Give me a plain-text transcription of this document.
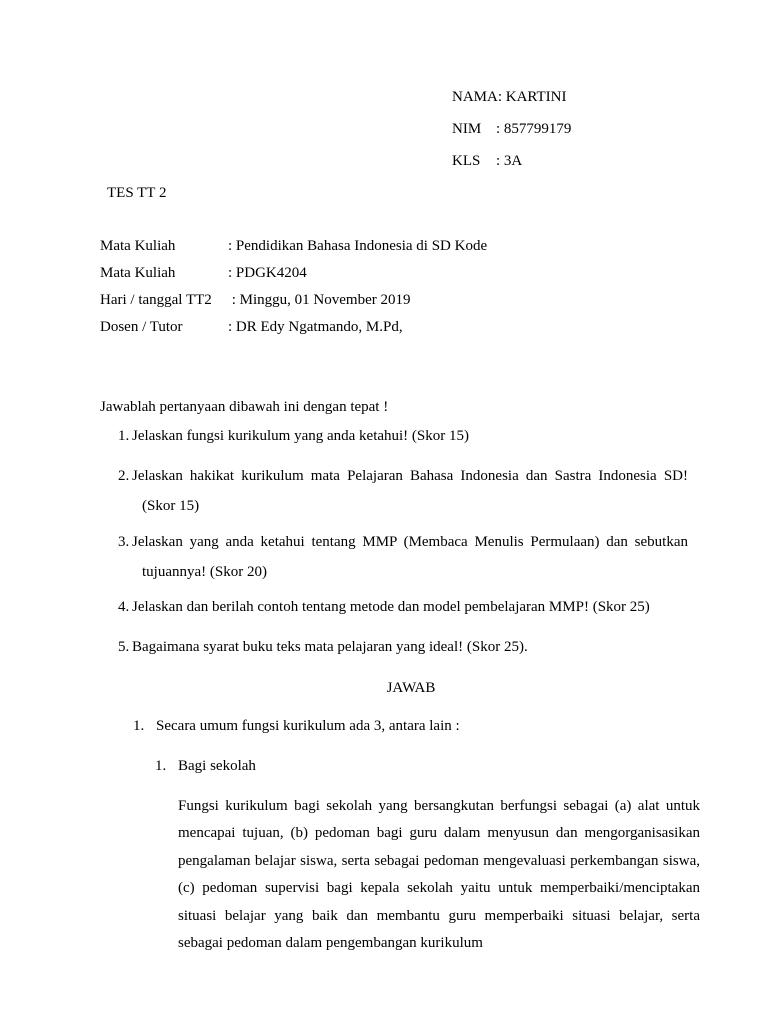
NAMA: KARTINI
NIM : 857799179
KLS : 3A
TES TT 2
Mata Kuliah	: Pendidikan Bahasa Indonesia di SD Kode
Mata Kuliah	: PDGK4204
Hari / tanggal TT2 : Minggu, 01 November 2019
Dosen / Tutor	: DR Edy Ngatmando, M.Pd,
Jawablah pertanyaan dibawah ini dengan tepat !
1. Jelaskan fungsi kurikulum yang anda ketahui! (Skor 15)
2. Jelaskan hakikat kurikulum mata Pelajaran Bahasa Indonesia dan Sastra Indonesia SD!
(Skor 15)
3. Jelaskan yang anda ketahui tentang MMP (Membaca Menulis Permulaan) dan sebutkan
tujuannya! (Skor 20)
4. Jelaskan dan berilah contoh tentang metode dan model pembelajaran MMP! (Skor 25)
5. Bagaimana syarat buku teks mata pelajaran yang ideal! (Skor 25).
JAWAB
1. Secara umum fungsi kurikulum ada 3, antara lain :
1. Bagi sekolah
Fungsi kurikulum bagi sekolah yang bersangkutan berfungsi sebagai (a) alat untuk mencapai tujuan, (b) pedoman bagi guru dalam menyusun dan mengorganisasikan pengalaman belajar siswa, serta sebagai pedoman mengevaluasi perkembangan siswa, (c) pedoman supervisi bagi kepala sekolah yaitu untuk memperbaiki/menciptakan situasi belajar yang baik dan membantu guru memperbaiki situasi belajar, serta sebagai pedoman dalam pengembangan kurikulum
